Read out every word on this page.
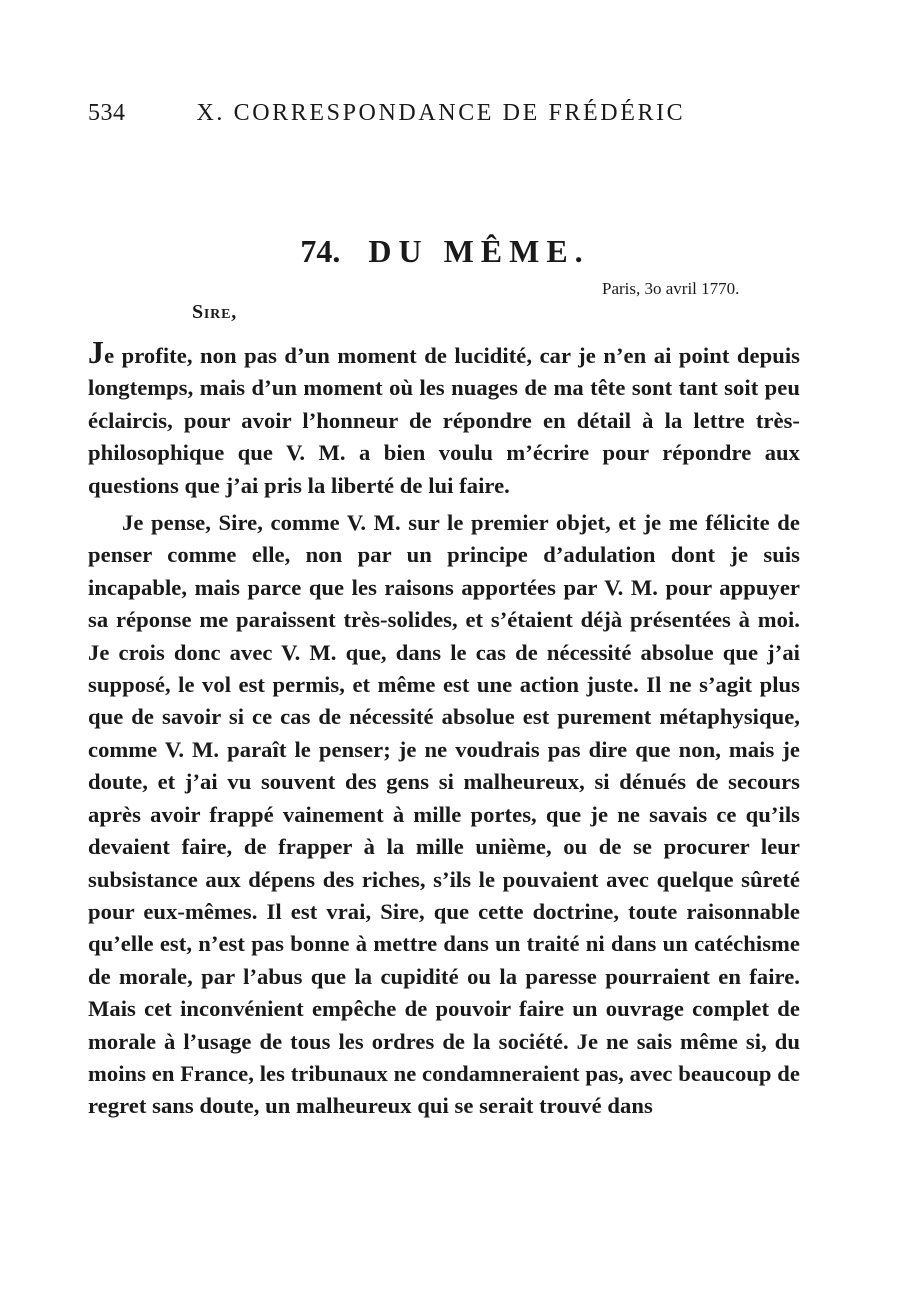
534	X. CORRESPONDANCE DE FRÉDÉRIC
74. DU MÊME.
Paris, 3o avril 1770.
Sire,

Je profite, non pas d’un moment de lucidité, car je n’en ai point depuis longtemps, mais d’un moment où les nuages de ma tête sont tant soit peu éclaircis, pour avoir l’honneur de répondre en détail à la lettre très-philosophique que V. M. a bien voulu m’écrire pour répondre aux questions que j’ai pris la liberté de lui faire.

Je pense, Sire, comme V. M. sur le premier objet, et je me félicite de penser comme elle, non par un principe d’adulation dont je suis incapable, mais parce que les raisons apportées par V. M. pour appuyer sa réponse me paraissent très-solides, et s’étaient déjà présentées à moi. Je crois donc avec V. M. que, dans le cas de nécessité absolue que j’ai supposé, le vol est permis, et même est une action juste. Il ne s’agit plus que de savoir si ce cas de nécessité absolue est purement métaphysique, comme V. M. paraît le penser; je ne voudrais pas dire que non, mais je doute, et j’ai vu souvent des gens si malheureux, si dénués de secours après avoir frappé vainement à mille portes, que je ne savais ce qu’ils devaient faire, de frapper à la mille unième, ou de se procurer leur subsistance aux dépens des riches, s’ils le pouvaient avec quelque sûreté pour eux-mêmes. Il est vrai, Sire, que cette doctrine, toute raisonnable qu’elle est, n’est pas bonne à mettre dans un traité ni dans un catéchisme de morale, par l’abus que la cupidité ou la paresse pourraient en faire. Mais cet inconvénient empêche de pouvoir faire un ouvrage complet de morale à l’usage de tous les ordres de la société. Je ne sais même si, du moins en France, les tribunaux ne condamneraient pas, avec beaucoup de regret sans doute, un malheureux qui se serait trouvé dans
